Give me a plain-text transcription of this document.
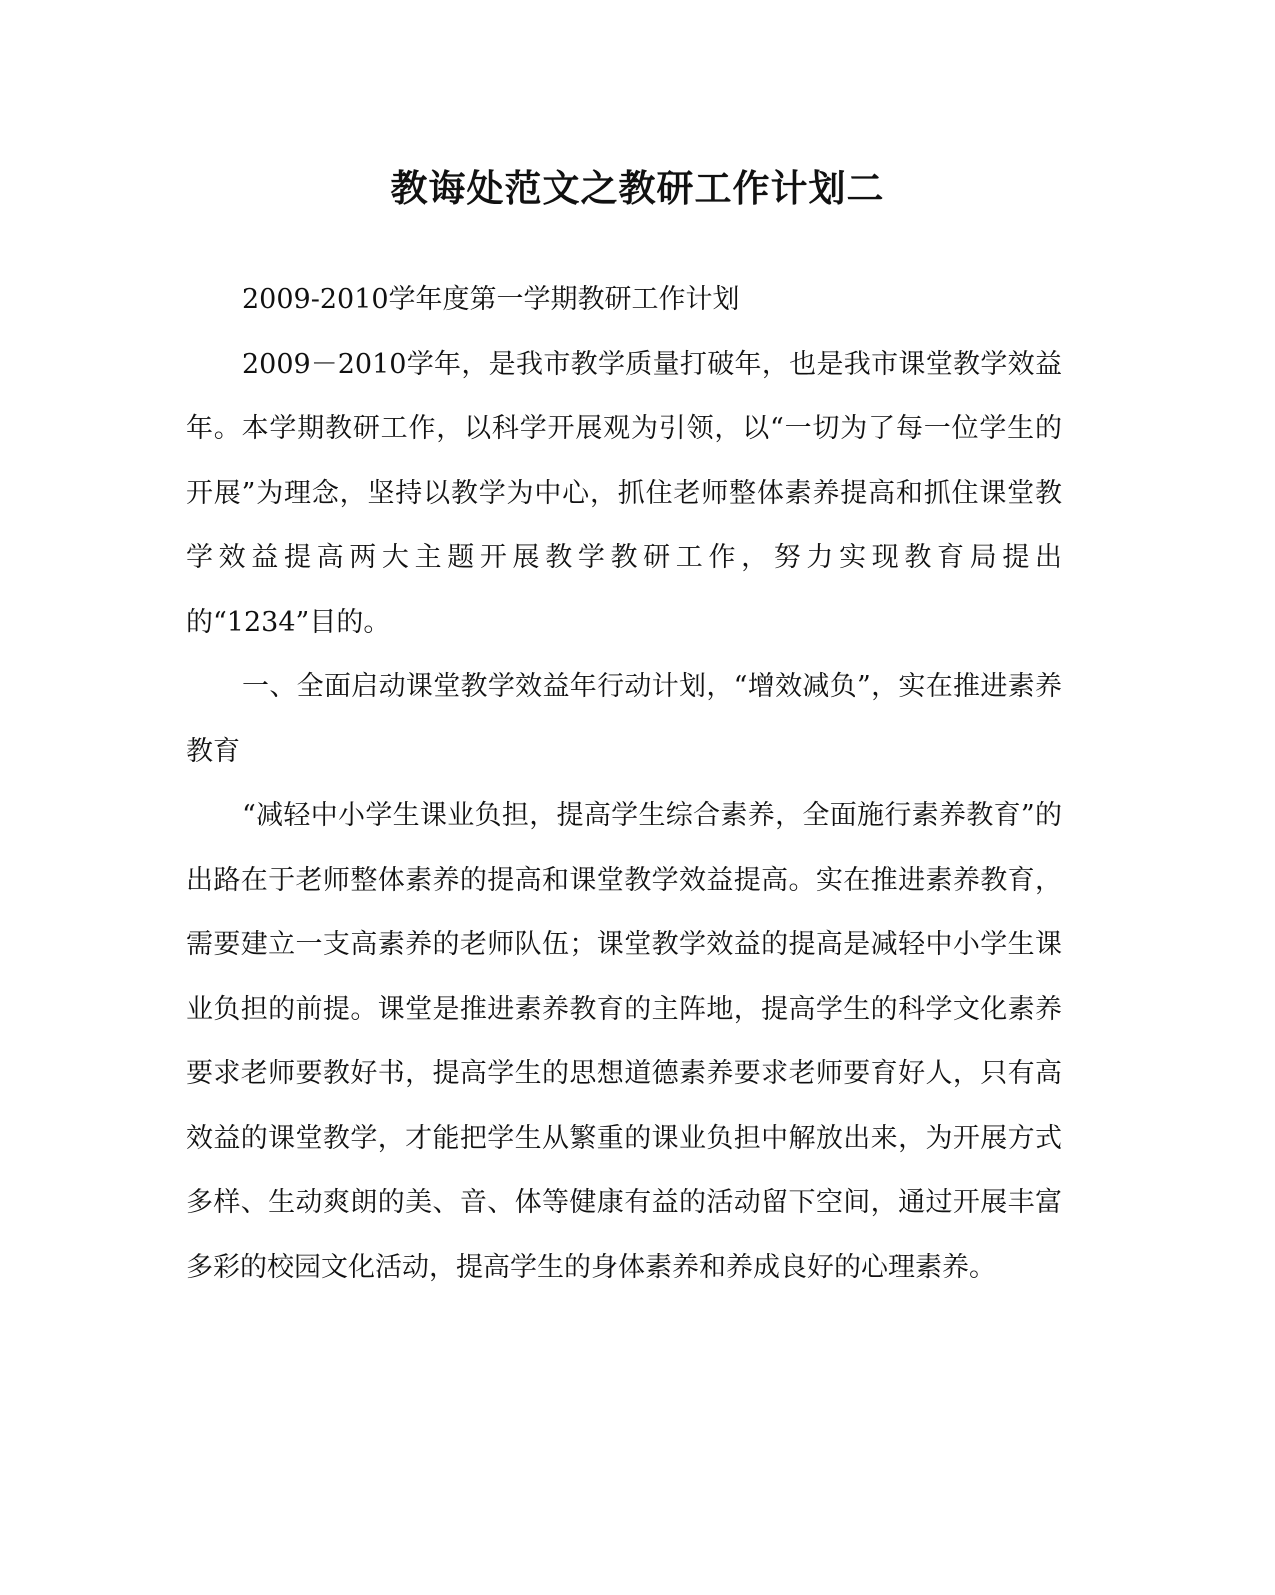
教诲处范文之教研工作计划二

2009-2010学年度第一学期教研工作计划

2009－2010学年，是我市教学质量打破年，也是我市课堂教学效益年。本学期教研工作，以科学开展观为引领，以“一切为了每一位学生的开展”为理念，坚持以教学为中心，抓住老师整体素养提高和抓住课堂教学效益提高两大主题开展教学教研工作，努力实现教育局提出的“1234”目的。

一、全面启动课堂教学效益年行动计划，“增效减负”，实在推进素养教育

“减轻中小学生课业负担，提高学生综合素养，全面施行素养教育”的出路在于老师整体素养的提高和课堂教学效益提高。实在推进素养教育，需要建立一支高素养的老师队伍；课堂教学效益的提高是减轻中小学生课业负担的前提。课堂是推进素养教育的主阵地，提高学生的科学文化素养要求老师要教好书，提高学生的思想道德素养要求老师要育好人，只有高效益的课堂教学，才能把学生从繁重的课业负担中解放出来，为开展方式多样、生动爽朗的美、音、体等健康有益的活动留下空间，通过开展丰富多彩的校园文化活动，提高学生的身体素养和养成良好的心理素养。
